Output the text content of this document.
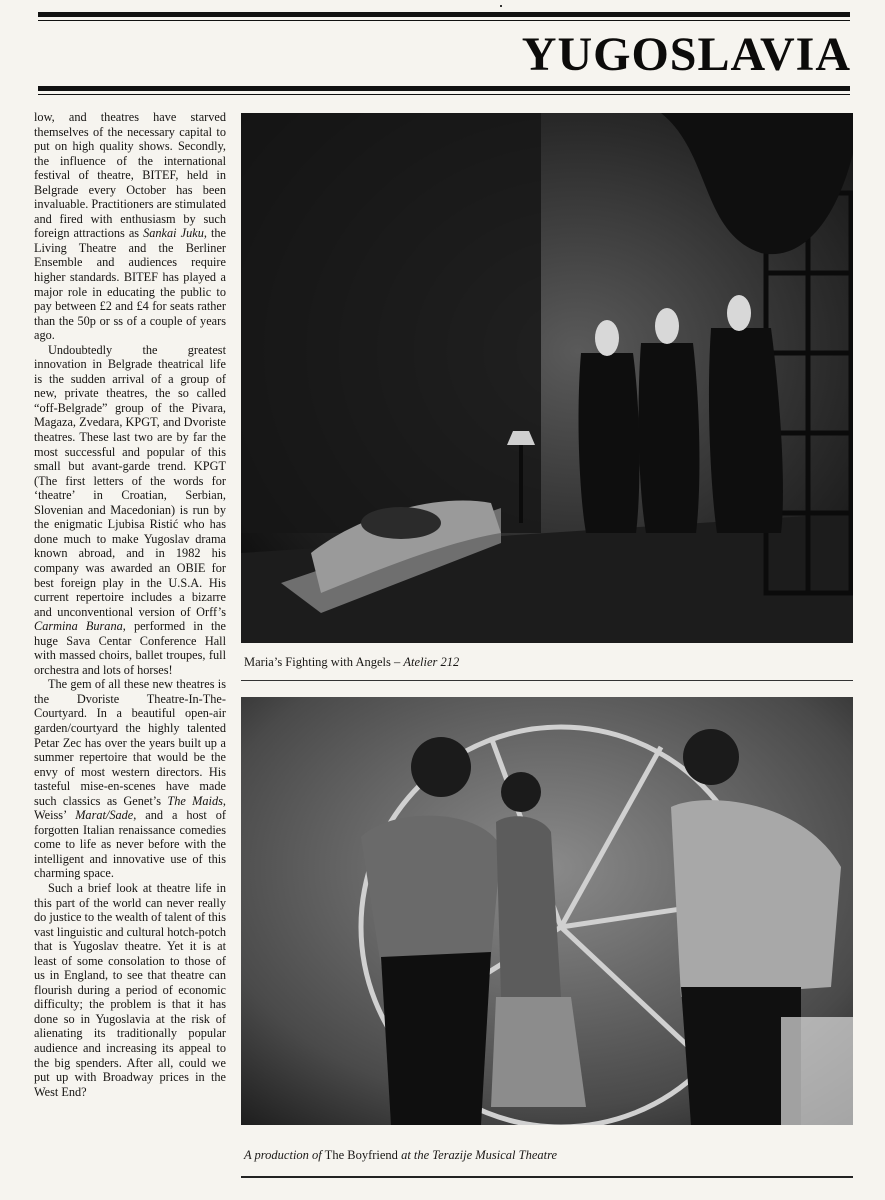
YUGOSLAVIA

low, and theatres have starved themselves of the necessary capital to put on high quality shows. Secondly, the influence of the international festival of theatre, BITEF, held in Belgrade every October has been invaluable. Practitioners are stimulated and fired with enthusiasm by such foreign attractions as Sankai Juku, the Living Theatre and the Berliner Ensemble and audiences require higher standards. BITEF has played a major role in educating the public to pay between £2 and £4 for seats rather than the 50p or ss of a couple of years ago.

Undoubtedly the greatest innovation in Belgrade theatrical life is the sudden arrival of a group of new, private theatres, the so called “off-Belgrade” group of the Pivara, Magaza, Zvedara, KPGT, and Dvoriste theatres. These last two are by far the most successful and popular of this small but avant-garde trend. KPGT (The first letters of the words for ‘theatre’ in Croatian, Serbian, Slovenian and Macedonian) is run by the enigmatic Ljubisa Ristić who has done much to make Yugoslav drama known abroad, and in 1982 his company was awarded an OBIE for best foreign play in the U.S.A. His current repertoire includes a bizarre and unconventional version of Orff’s Carmina Burana, performed in the huge Sava Centar Conference Hall with massed choirs, ballet troupes, full orchestra and lots of horses!

The gem of all these new theatres is the Dvoriste Theatre-In-The-Courtyard. In a beautiful open-air garden/courtyard the highly talented Petar Zec has over the years built up a summer repertoire that would be the envy of most western directors. His tasteful mise-en-scenes have made such classics as Genet’s The Maids, Weiss’ Marat/Sade, and a host of forgotten Italian renaissance comedies come to life as never before with the intelligent and innovative use of this charming space.

Such a brief look at theatre life in this part of the world can never really do justice to the wealth of talent of this vast linguistic and cultural hotch-potch that is Yugoslav theatre. Yet it is at least of some consolation to those of us in England, to see that theatre can flourish during a period of economic difficulty; the problem is that it has done so in Yugoslavia at the risk of alienating its traditionally popular audience and increasing its appeal to the big spenders. After all, could we put up with Broadway prices in the West End?

Maria’s Fighting with Angels – Atelier 212
A production of The Boyfriend at the Terazije Musical Theatre
